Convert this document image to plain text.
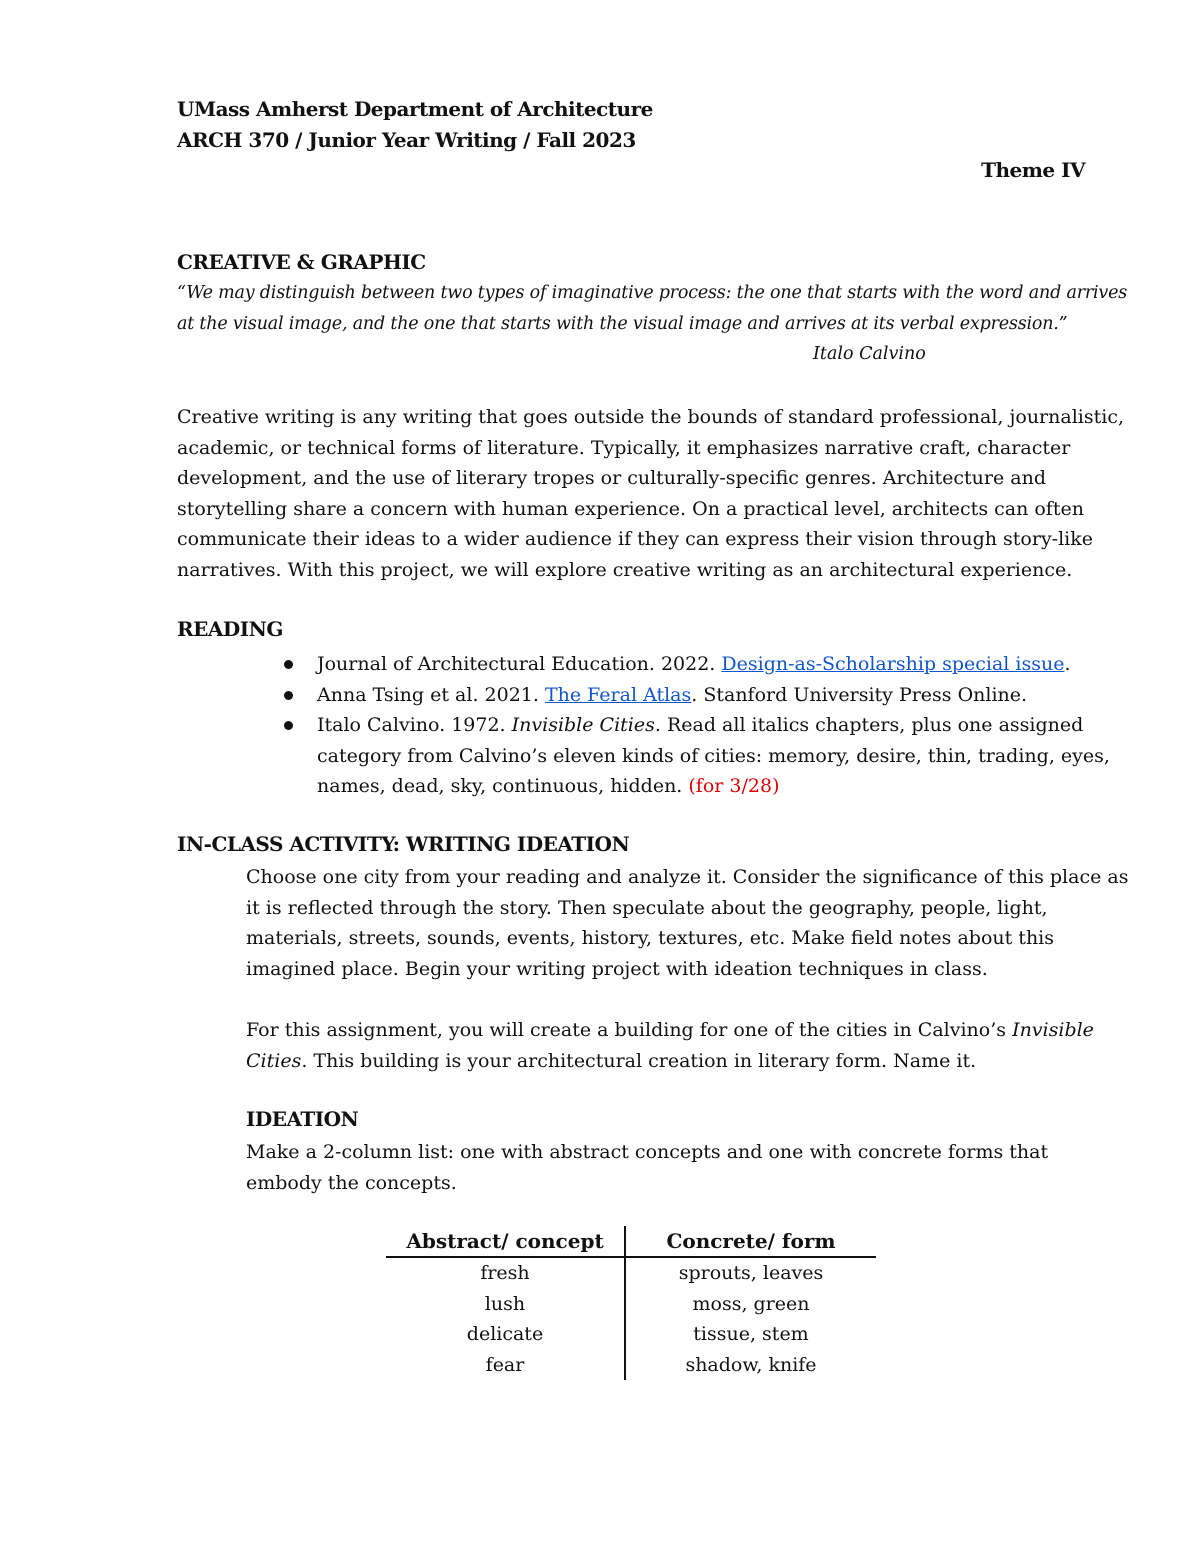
UMass Amherst Department of Architecture
ARCH 370 / Junior Year Writing / Fall 2023
Theme IV
CREATIVE & GRAPHIC
“We may distinguish between two types of imaginative process: the one that starts with the word and arrives
at the visual image, and the one that starts with the visual image and arrives at its verbal expression.”
Italo Calvino
Creative writing is any writing that goes outside the bounds of standard professional, journalistic,
academic, or technical forms of literature. Typically, it emphasizes narrative craft, character
development, and the use of literary tropes or culturally-specific genres. Architecture and
storytelling share a concern with human experience. On a practical level, architects can often
communicate their ideas to a wider audience if they can express their vision through story-like
narratives. With this project, we will explore creative writing as an architectural experience.
READING
Journal of Architectural Education. 2022. Design-as-Scholarship special issue.
Anna Tsing et al. 2021. The Feral Atlas. Stanford University Press Online.
Italo Calvino. 1972. Invisible Cities. Read all italics chapters, plus one assigned
category from Calvino’s eleven kinds of cities: memory, desire, thin, trading, eyes,
names, dead, sky, continuous, hidden. (for 3/28)
IN-CLASS ACTIVITY: WRITING IDEATION
Choose one city from your reading and analyze it. Consider the significance of this place as
it is reflected through the story. Then speculate about the geography, people, light,
materials, streets, sounds, events, history, textures, etc. Make field notes about this
imagined place. Begin your writing project with ideation techniques in class.
For this assignment, you will create a building for one of the cities in Calvino’s Invisible
Cities. This building is your architectural creation in literary form. Name it.
IDEATION
Make a 2-column list: one with abstract concepts and one with concrete forms that
embody the concepts.
Abstract/ concept	Concrete/ form
fresh	sprouts, leaves
lush	moss, green
delicate	tissue, stem
fear	shadow, knife
